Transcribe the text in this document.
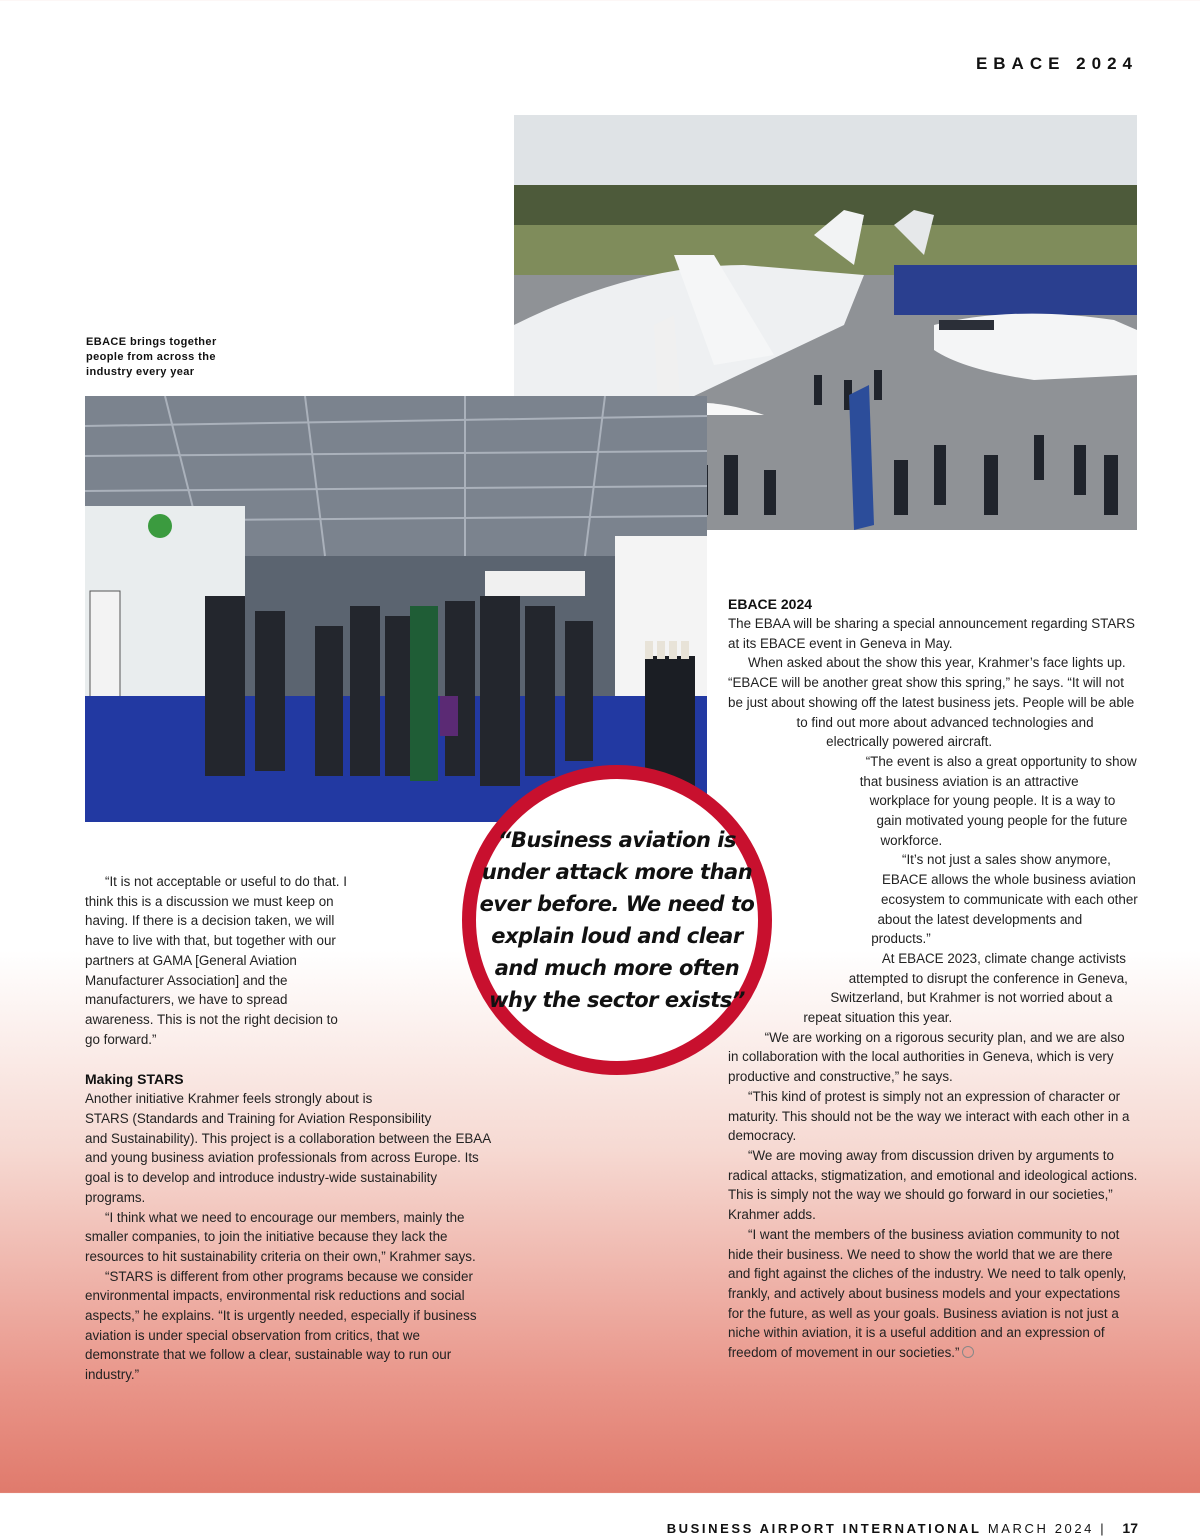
EBACE 2024
EBACE brings together people from across the industry every year

“It is not acceptable or useful to do that. I think this is a discussion we must keep on having. If there is a decision taken, we will have to live with that, but together with our partners at GAMA [General Aviation Manufacturer Association] and the manufacturers, we have to spread awareness. This is not the right decision to go forward.”

Making STARS

Another initiative Krahmer feels strongly about is STARS (Standards and Training for Aviation Responsibility and Sustainability). This project is a collaboration between the EBAA and young business aviation professionals from across Europe. Its goal is to develop and introduce industry-wide sustainability programs.

“I think what we need to encourage our members, mainly the smaller companies, to join the initiative because they lack the resources to hit sustainability criteria on their own,” Krahmer says.

“STARS is different from other programs because we consider environmental impacts, environmental risk reductions and social aspects,” he explains. “It is urgently needed, especially if business aviation is under special observation from critics, that we demonstrate that we follow a clear, sustainable way to run our industry.”

EBACE 2024

The EBAA will be sharing a special announcement regarding STARS at its EBACE event in Geneva in May.

When asked about the show this year, Krahmer’s face lights up. “EBACE will be another great show this spring,” he says. “It will not be just about showing off the latest business jets. People will be able to find out more about advanced technologies and electrically powered aircraft.

“The event is also a great opportunity to show that business aviation is an attractive workplace for young people. It is a way to gain motivated young people for the future workforce.

“It’s not just a sales show anymore, EBACE allows the whole business aviation ecosystem to communicate with each other about the latest developments and products.”

At EBACE 2023, climate change activists attempted to disrupt the conference in Geneva, Switzerland, but Krahmer is not worried about a repeat situation this year.

“We are working on a rigorous security plan, and we are also in collaboration with the local authorities in Geneva, which is very productive and constructive,” he says.

“This kind of protest is simply not an expression of character or maturity. This should not be the way we interact with each other in a democracy.

“We are moving away from discussion driven by arguments to radical attacks, stigmatization, and emotional and ideological actions. This is simply not the way we should go forward in our societies,” Krahmer adds.

“I want the members of the business aviation community to not hide their business. We need to show the world that we are there and fight against the cliches of the industry. We need to talk openly, frankly, and actively about business models and your expectations for the future, as well as your goals. Business aviation is not just a niche within aviation, it is a useful addition and an expression of freedom of movement in our societies.”

“Business aviation is under attack more than ever before. We need to explain loud and clear and much more often why the sector exists”
BUSINESS AIRPORT INTERNATIONAL MARCH 2024 | 17
